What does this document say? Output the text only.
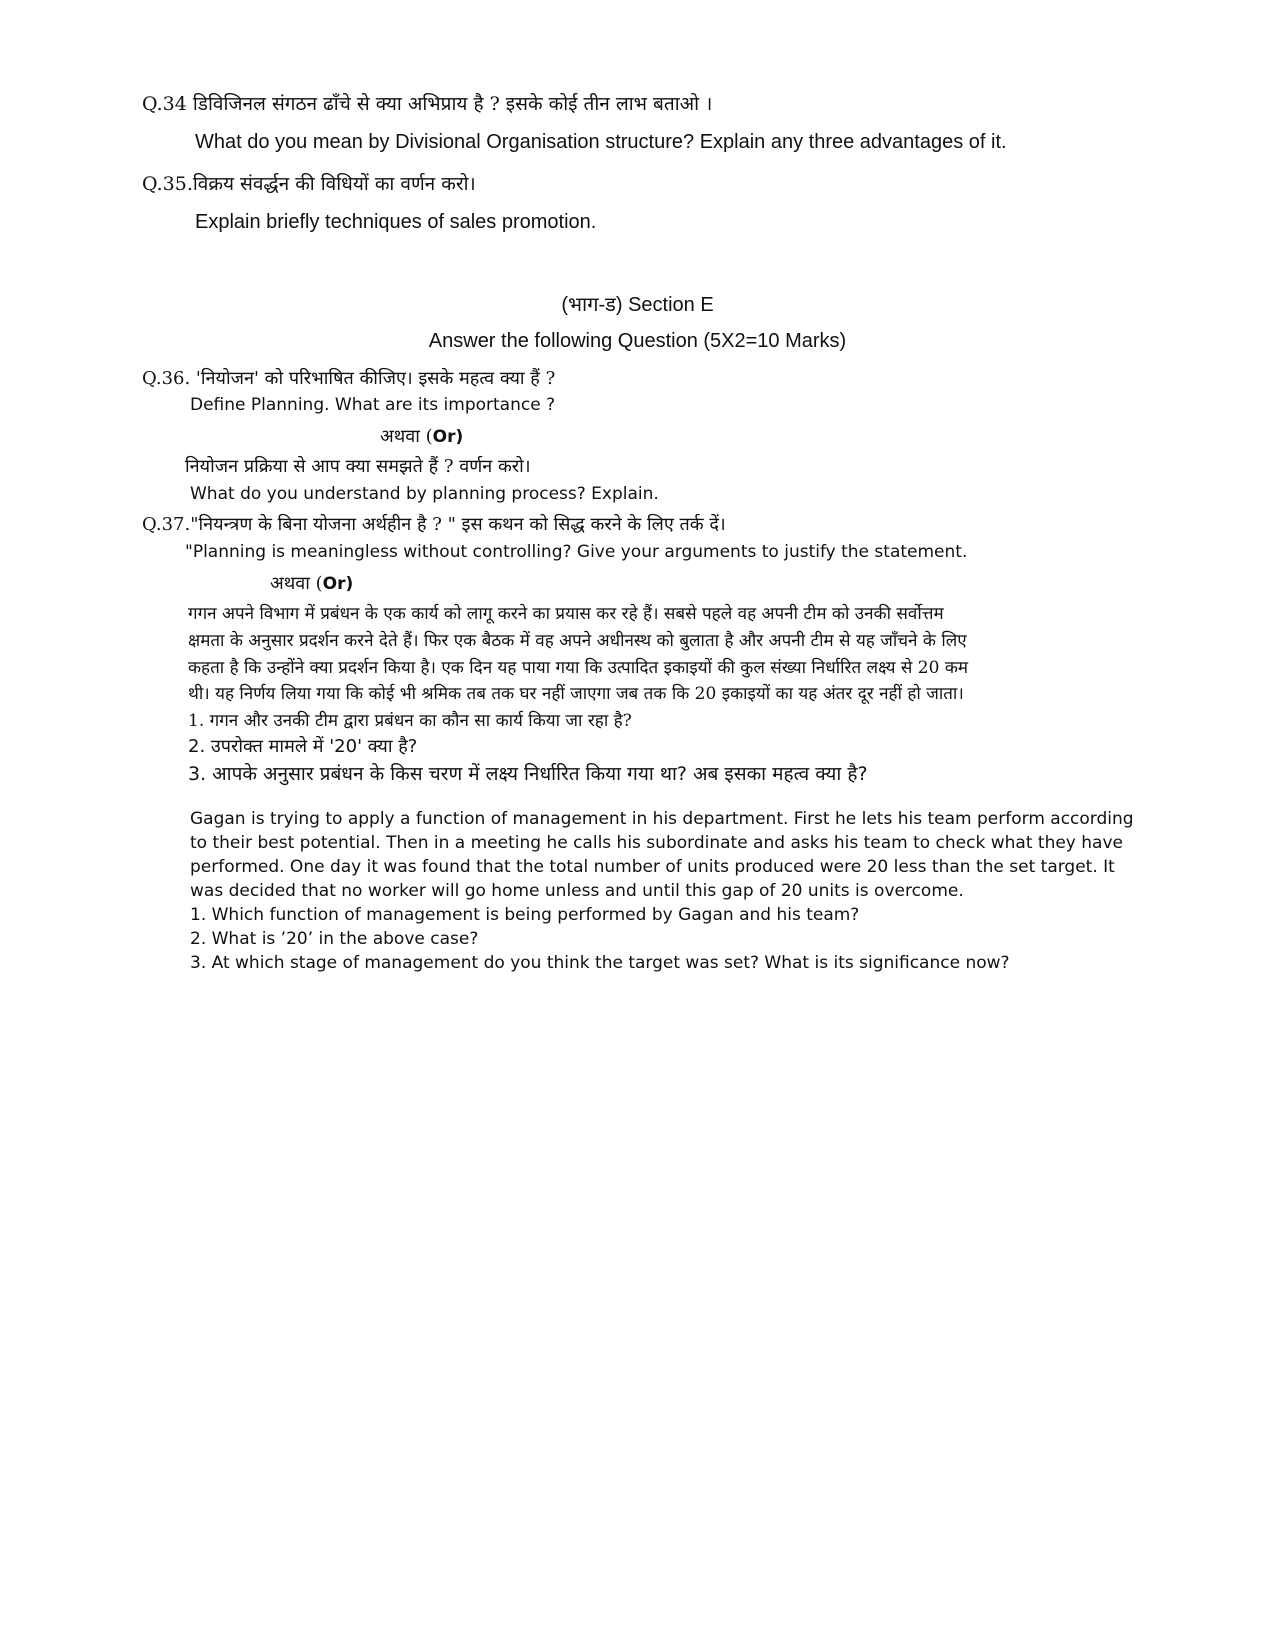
Q.34 डिविजिनल संगठन ढाँचे से क्या अभिप्राय है ? इसके कोई तीन लाभ बताओ ।

What do you mean by Divisional Organisation structure? Explain any three advantages of it.

Q.35.विक्रय संवर्द्धन की विधियों का वर्णन करो।

Explain briefly techniques of sales promotion.

(भाग-ड) Section E

Answer the following Question (5X2=10 Marks)

Q.36. 'नियोजन' को परिभाषित कीजिए। इसके महत्व क्या हैं ?

Define Planning. What are its importance ?

अथवा (Or)

नियोजन प्रक्रिया से आप क्या समझते हैं ? वर्णन करो।

What do you understand by planning process? Explain.

Q.37."नियन्त्रण के बिना योजना अर्थहीन है ? " इस कथन को सिद्ध करने के लिए तर्क दें।

"Planning is meaningless without controlling? Give your arguments to justify the statement.

अथवा (Or)

गगन अपने विभाग में प्रबंधन के एक कार्य को लागू करने का प्रयास कर रहे हैं। सबसे पहले वह अपनी टीम को उनकी सर्वोत्तम

क्षमता के अनुसार प्रदर्शन करने देते हैं। फिर एक बैठक में वह अपने अधीनस्थ को बुलाता है और अपनी टीम से यह जाँचने के लिए

कहता है कि उन्होंने क्या प्रदर्शन किया है। एक दिन यह पाया गया कि उत्पादित इकाइयों की कुल संख्या निर्धारित लक्ष्य से 20 कम

थी। यह निर्णय लिया गया कि कोई भी श्रमिक तब तक घर नहीं जाएगा जब तक कि 20 इकाइयों का यह अंतर दूर नहीं हो जाता।

1. गगन और उनकी टीम द्वारा प्रबंधन का कौन सा कार्य किया जा रहा है?

2. उपरोक्त मामले में '20' क्या है?

3. आपके अनुसार प्रबंधन के किस चरण में लक्ष्य निर्धारित किया गया था? अब इसका महत्व क्या है?

Gagan is trying to apply a function of management in his department. First he lets his team perform according

to their best potential. Then in a meeting he calls his subordinate and asks his team to check what they have

performed. One day it was found that the total number of units produced were 20 less than the set target. It

was decided that no worker will go home unless and until this gap of 20 units is overcome.

1. Which function of management is being performed by Gagan and his team?

2. What is ’20’ in the above case?

3. At which stage of management do you think the target was set? What is its significance now?
